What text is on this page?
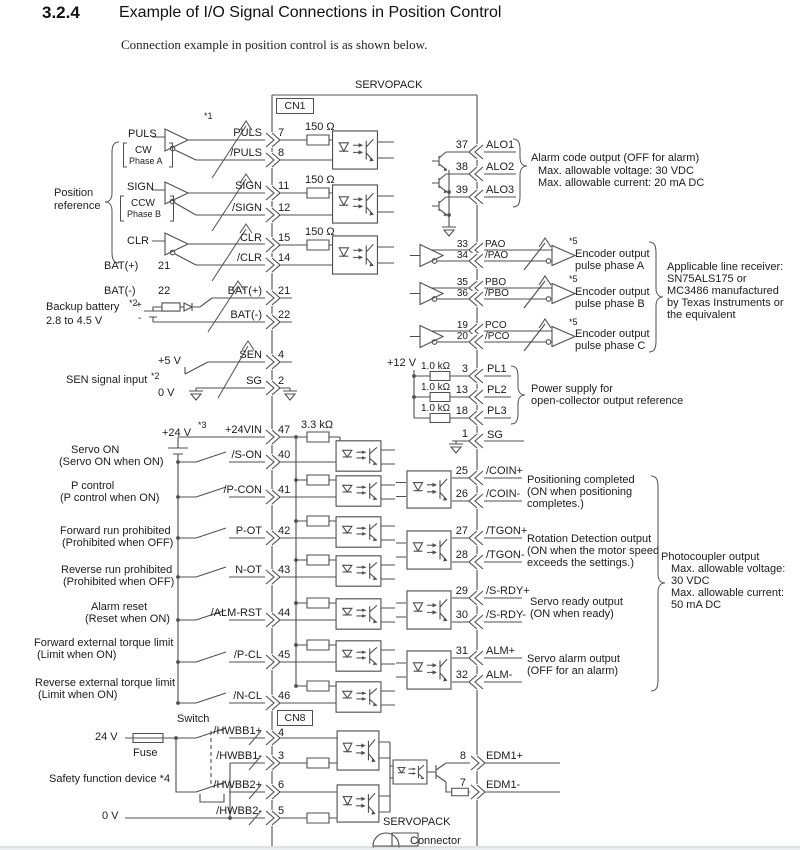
3.2.4 Example of I/O Signal Connections in Position Control
Connection example in position control is as shown below.
SERVOPACK
CN1
CN8
PULS
/PULS
SIGN
/SIGN
CLR
/CLR
BAT(+)
BAT(-)
SEN
SG
+24VIN
/S-ON
/P-CON
P-OT
N-OT
/ALM-RST
/P-CL
/N-CL
7
8
11
12
15
14
21
22
4
2
47
40
41
42
43
44
45
46
/HWBB1+
/HWBB1-
/HWBB2+
/HWBB2-
4
3
6
5
150 Ω
150 Ω
150 Ω
3.3 kΩ
1.0 kΩ
1.0 kΩ
1.0 kΩ
*1
PULS
CW
Phase A
Position reference
SIGN
CCW
Phase B
CLR
BAT(+) 21
BAT(-) 22
Backup battery *2
2.8 to 4.5 V
+
-
+5 V
SEN signal input *2
0 V
+24 V
*3
Servo ON
(Servo ON when ON)
P control
(P control when ON)
Forward run prohibited
(Prohibited when OFF)
Reverse run prohibited
(Prohibited when OFF)
Alarm reset
(Reset when ON)
Forward external torque limit
(Limit when ON)
Reverse external torque limit
(Limit when ON)
Switch
24 V
Fuse
Safety function device *4
0 V
37
38
39
ALO1
ALO2
ALO3
Alarm code output (OFF for alarm)
Max. allowable voltage: 30 VDC
Max. allowable current: 20 mA DC
33
34
35
36
19
20
PAO
/PAO
PBO
/PBO
PCO
/PCO
*5
*5
*5
Encoder output
pulse phase A
Encoder output
pulse phase B
Encoder output
pulse phase C
Applicable line receiver:
SN75ALS175 or
MC3486 manufactured
by Texas Instruments or
the equivalent
+12 V	3
13
18
PL1
PL2
PL3
Power supply for
open-collector output reference
1 SG
25
26
27
28
29
30
31
32
/COIN+
/COIN-
/TGON+
/TGON-
/S-RDY+
/S-RDY-
ALM+
ALM-
Positioning completed
(ON when positioning
completes.)
Rotation Detection output
(ON when the motor speed
exceeds the settings.)
Servo ready output
(ON when ready)
Servo alarm output
(OFF for an alarm)
Photocoupler output
Max. allowable voltage:
30 VDC
Max. allowable current:
50 mA DC
8
7
EDM1+
EDM1-
SERVOPACK
Connector
